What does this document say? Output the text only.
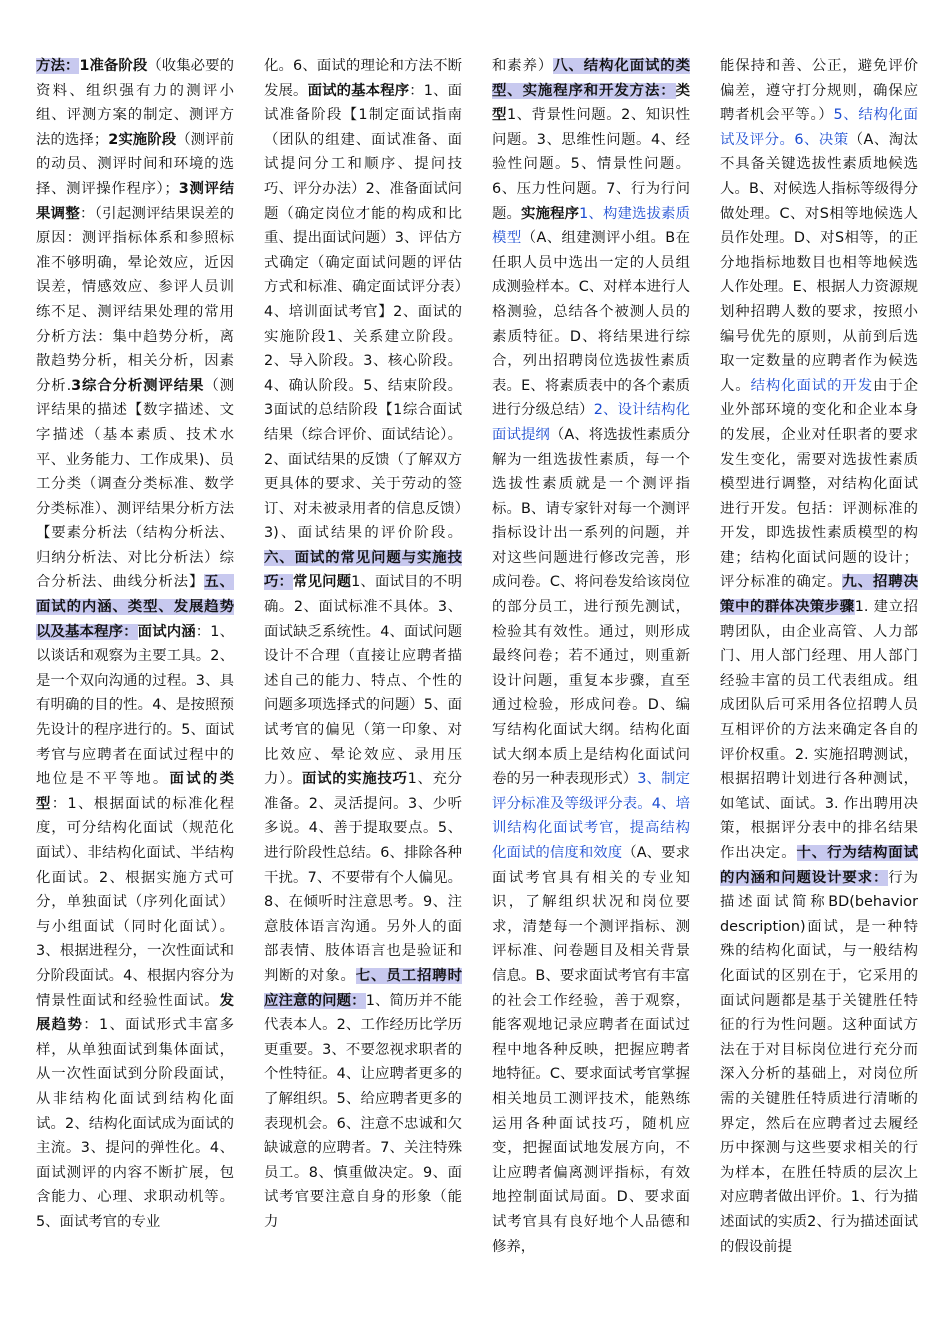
方法：1准备阶段（收集必要的资料、组织强有力的测评小组、评测方案的制定、测评方法的选择；2实施阶段（测评前的动员、测评时间和环境的选择、测评操作程序）；3测评结果调整：（引起测评结果误差的原因：测评指标体系和参照标准不够明确，晕论效应，近因误差，情感效应、参评人员训练不足、测评结果处理的常用分析方法：集中趋势分析，离散趋势分析，相关分析，因素分析.3综合分析测评结果（测评结果的描述【数字描述、文字描述（基本素质、技术水平、业务能力、工作成果)、员工分类（调查分类标准、数学分类标准）、测评结果分析方法【要素分析法（结构分析法、归纳分析法、对比分析法）综合分析法、曲线分析法】五、面试的内涵、类型、发展趋势以及基本程序：面试内涵：1、以谈话和观察为主要工具。2、是一个双向沟通的过程。3、具有明确的目的性。4、是按照预先设计的程序进行的。5、面试考官与应聘者在面试过程中的地位是不平等地。面试的类型：1、根据面试的标准化程度，可分结构化面试（规范化面试）、非结构化面试、半结构化面试。2、根据实施方式可分，单独面试（序列化面试）与小组面试（同时化面试）。3、根据进程分，一次性面试和分阶段面试。4、根据内容分为情景性面试和经验性面试。发展趋势：1、面试形式丰富多样，从单独面试到集体面试，从一次性面试到分阶段面试，从非结构化面试到结构化面试。2、结构化面试成为面试的主流。3、提问的弹性化。4、面试测评的内容不断扩展，包含能力、心理、求职动机等。5、面试考官的专业
化。6、面试的理论和方法不断发展。面试的基本程序：1、面试准备阶段【1制定面试指南（团队的组建、面试准备、面试提问分工和顺序、提问技巧、评分办法）2、准备面试问题（确定岗位才能的构成和比重、提出面试问题）3、评估方式确定（确定面试问题的评估方式和标准、确定面试评分表）4、培训面试考官】2、面试的实施阶段1、关系建立阶段。2、导入阶段。3、核心阶段。4、确认阶段。5、结束阶段。3面试的总结阶段【1综合面试结果（综合评价、面试结论）。2、面试结果的反馈（了解双方更具体的要求、关于劳动的签订、对未被录用者的信息反馈）3)、面试结果的评价阶段。六、面试的常见问题与实施技巧：常见问题1、面试目的不明确。2、面试标准不具体。3、面试缺乏系统性。4、面试问题设计不合理（直接让应聘者描述自己的能力、特点、个性的问题多项选择式的问题）5、面试考官的偏见（第一印象、对比效应、晕论效应、录用压力）。面试的实施技巧1、充分准备。2、灵活提问。3、少听多说。4、善于提取要点。5、进行阶段性总结。6、排除各种干扰。7、不要带有个人偏见。8、在倾听时注意思考。9、注意肢体语言沟通。另外人的面部表情、肢体语言也是验证和判断的对象。七、员工招聘时应注意的问题：1、简历并不能代表本人。2、工作经历比学历更重要。3、不要忽视求职者的个性特征。4、让应聘者更多的了解组织。5、给应聘者更多的表现机会。6、注意不忠诚和欠缺诚意的应聘者。7、关注特殊员工。8、慎重做决定。9、面试考官要注意自身的形象（能力
和素养）八、结构化面试的类型、实施程序和开发方法：类型1、背景性问题。2、知识性问题。3、思维性问题。4、经验性问题。5、情景性问题。6、压力性问题。7、行为行问题。实施程序1、构建选拔素质模型（A、组建测评小组。B在任职人员中选出一定的人员组成测验样本。C、对样本进行人格测验，总结各个被测人员的素质特征。D、将结果进行综合，列出招聘岗位选拔性素质表。E、将素质表中的各个素质进行分级总结）2、设计结构化面试提纲（A、将选拔性素质分解为一组选拔性素质，每一个选拔性素质就是一个测评指标。B、请专家针对每一个测评指标设计出一系列的问题，并对这些问题进行修改完善，形成问卷。C、将问卷发给该岗位的部分员工，进行预先测试，检验其有效性。通过，则形成最终问卷；若不通过，则重新设计问题，重复本步骤，直至通过检验，形成问卷。D、编写结构化面试大纲。结构化面试大纲本质上是结构化面试问卷的另一种表现形式）3、制定评分标准及等级评分表。4、培训结构化面试考官，提高结构化面试的信度和效度（A、要求面试考官具有相关的专业知识，了解组织状况和岗位要求，清楚每一个测评指标、测评标准、问卷题目及相关背景信息。B、要求面试考官有丰富的社会工作经验，善于观察，能客观地记录应聘者在面试过程中地各种反映，把握应聘者地特征。C、要求面试考官掌握相关地员工测评技术，能熟练运用各种面试技巧，随机应变，把握面试地发展方向，不让应聘者偏离测评指标，有效地控制面试局面。D、要求面试考官具有良好地个人品德和修养，
能保持和善、公正，避免评价偏差，遵守打分规则，确保应聘者机会平等。）5、结构化面试及评分。6、决策（A、淘汰不具备关键选拔性素质地候选人。B、对候选人指标等级得分做处理。C、对S相等地候选人员作处理。D、对S相等，的正分地指标地数目也相等地候选人作处理。E、根据人力资源规划种招聘人数的要求，按照小编号优先的原则，从前到后选取一定数量的应聘者作为候选人。结构化面试的开发由于企业外部环境的变化和企业本身的发展，企业对任职者的要求发生变化，需要对选拔性素质模型进行调整，对结构化面试进行开发。包括：评测标准的开发，即选拔性素质模型的构建；结构化面试问题的设计；评分标准的确定。九、招聘决策中的群体决策步骤1. 建立招聘团队，由企业高管、人力部门、用人部门经理、用人部门经验丰富的员工代表组成。组成团队后可采用各位招聘人员互相评价的方法来确定各自的评价权重。2. 实施招聘测试，根据招聘计划进行各种测试，如笔试、面试。3. 作出聘用决策，根据评分表中的排名结果作出决定。十、行为结构面试的内涵和问题设计要求：行为描述面试简称BD(behavior description)面试，是一种特殊的结构化面试，与一般结构化面试的区别在于，它采用的面试问题都是基于关键胜任特征的行为性问题。这种面试方法在于对目标岗位进行充分而深入分析的基础上，对岗位所需的关键胜任特质进行清晰的界定，然后在应聘者过去履经历中探测与这些要求相关的行为样本，在胜任特质的层次上对应聘者做出评价。1、行为描述面试的实质2、行为描述面试的假设前提
